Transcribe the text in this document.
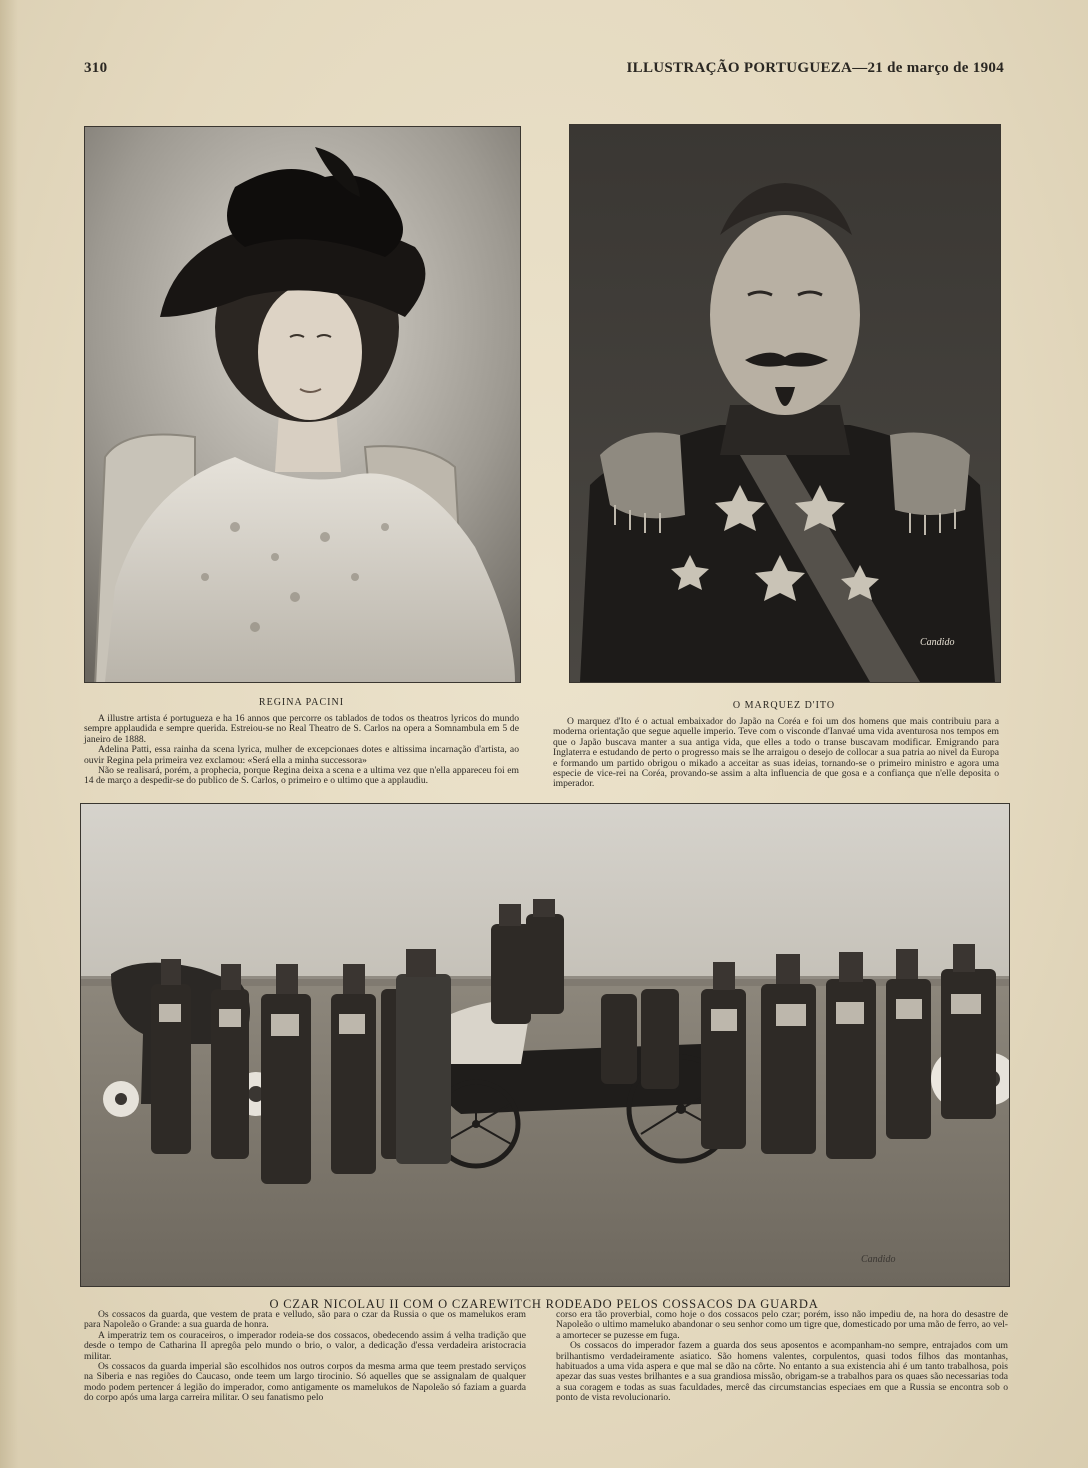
310	ILLUSTRAÇÃO PORTUGUEZA—21 de março de 1904
Candido
REGINA PACINI

A illustre artista é portugueza e ha 16 annos que percorre os tablados de todos os theatros lyricos do mundo sempre applaudida e sempre querida. Estreiou-se no Real Theatro de S. Carlos na opera a Somnambula em 5 de janeiro de 1888.

Adelina Patti, essa rainha da scena lyrica, mulher de excepcionaes dotes e altissima incarnação d'artista, ao ouvir Regina pela primeira vez exclamou: «Será ella a minha successora»

Não se realisará, porém, a prophecia, porque Regina deixa a scena e a ultima vez que n'ella appareceu foi em 14 de março a despedir-se do publico de S. Carlos, o primeiro e o ultimo que a applaudiu.

O MARQUEZ D'ITO

O marquez d'Ito é o actual embaixador do Japão na Coréa e foi um dos homens que mais contribuiu para a moderna orientação que segue aquelle imperio. Teve com o visconde d'Ianvaé uma vida aventurosa nos tempos em que o Japão buscava manter a sua antiga vida, que elles a todo o transe buscavam modificar. Emigrando para Inglaterra e estudando de perto o progresso mais se lhe arraigou o desejo de collocar a sua patria ao nivel da Europa e formando um partido obrigou o mikado a acceitar as suas ideias, tornando-se o primeiro ministro e agora uma especie de vice-rei na Coréa, provando-se assim a alta influencia de que gosa e a confiança que n'elle deposita o imperador.

Candido
O CZAR NICOLAU II COM O CZAREWITCH RODEADO PELOS COSSACOS DA GUARDA

Os cossacos da guarda, que vestem de prata e velludo, são para o czar da Russia o que os mamelukos eram para Napoleão o Grande: a sua guarda de honra.

A imperatriz tem os couraceiros, o imperador rodeia-se dos cossacos, obedecendo assim á velha tradição que desde o tempo de Catharina II apregôa pelo mundo o brio, o valor, a dedicação d'essa verdadeira aristocracia militar.

Os cossacos da guarda imperial são escolhidos nos outros corpos da mesma arma que teem prestado serviços na Siberia e nas regiões do Caucaso, onde teem um largo tirocinio. Só aquelles que se assignalam de qualquer modo podem pertencer á legião do imperador, como antigamente os mamelukos de Napoleão só faziam a guarda do corpo após uma larga carreira militar. O seu fanatismo pelo

corso era tão proverbial, como hoje o dos cossacos pelo czar; porém, isso não impediu de, na hora do desastre de Napoleão o ultimo mameluko abandonar o seu senhor como um tigre que, domesticado por uma mão de ferro, ao vel-a amortecer se puzesse em fuga.

Os cossacos do imperador fazem a guarda dos seus aposentos e acompanham-no sempre, entrajados com um brilhantismo verdadeiramente asiatico. São homens valentes, corpulentos, quasi todos filhos das montanhas, habituados a uma vida aspera e que mal se dão na côrte. No entanto a sua existencia ahi é um tanto trabalhosa, pois apezar das suas vestes brilhantes e a sua grandiosa missão, obrigam-se a trabalhos para os quaes são necessarias toda a sua coragem e todas as suas faculdades, mercê das circumstancias especiaes em que a Russia se encontra sob o ponto de vista revolucionario.
